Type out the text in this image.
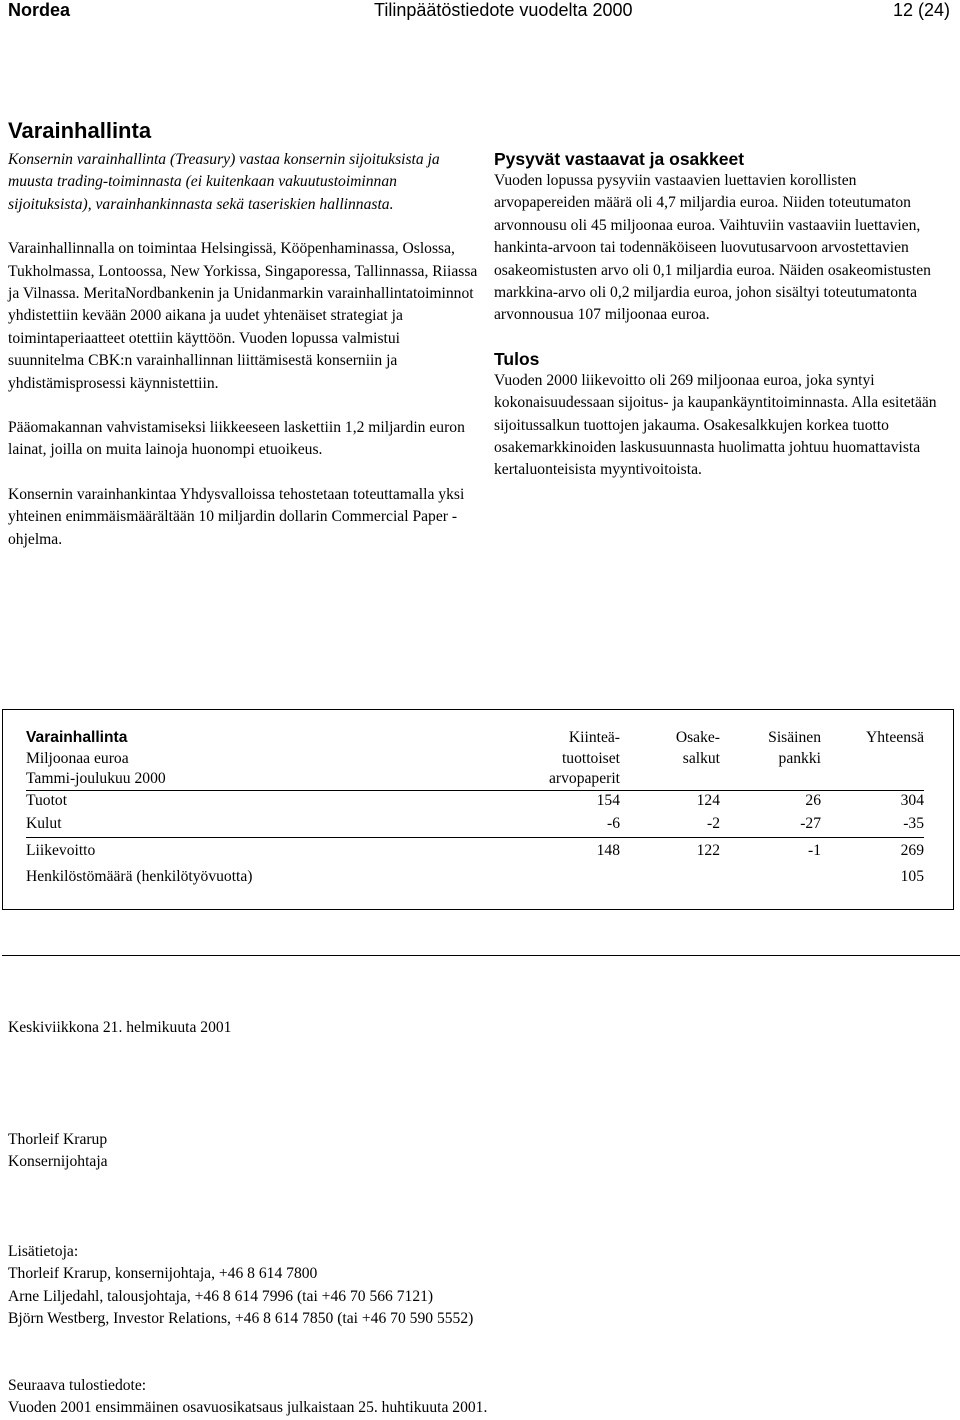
Nordea	Tilinpäätöstiedote vuodelta 2000	12 (24)
Varainhallinta

Konsernin varainhallinta (Treasury) vastaa konsernin sijoituksista ja muusta trading-toiminnasta (ei kuitenkaan vakuutustoiminnan sijoituksista), varainhankinnasta sekä taseriskien hallinnasta.

Varainhallinnalla on toimintaa Helsingissä, Kööpenhaminassa, Oslossa, Tukholmassa, Lontoossa, New Yorkissa, Singaporessa, Tallinnassa, Riiassa ja Vilnassa. MeritaNordbankenin ja Unidanmarkin varainhallintatoiminnot yhdistettiin kevään 2000 aikana ja uudet yhtenäiset strategiat ja toimintaperiaatteet otettiin käyttöön. Vuoden lopussa valmistui suunnitelma CBK:n varainhallinnan liittämisestä konserniin ja yhdistämisprosessi käynnistettiin.

Pääomakannan vahvistamiseksi liikkeeseen laskettiin 1,2 miljardin euron lainat, joilla on muita lainoja huonompi etuoikeus.

Konsernin varainhankintaa Yhdysvalloissa tehostetaan toteuttamalla yksi yhteinen enimmäismäärältään 10 miljardin dollarin Commercial Paper -ohjelma.

Pysyvät vastaavat ja osakkeet

Vuoden lopussa pysyviin vastaavien luettavien korollisten arvopapereiden määrä oli 4,7 miljardia euroa. Niiden toteutumaton arvonnousu oli 45 miljoonaa euroa. Vaihtuviin vastaaviin luettavien, hankinta-arvoon tai todennäköiseen luovutusarvoon arvostettavien osakeomistusten arvo oli 0,1 miljardia euroa. Näiden osakeomistusten markkina-arvo oli 0,2 miljardia euroa, johon sisältyi toteutumatonta arvonnousua 107 miljoonaa euroa.

Tulos

Vuoden 2000 liikevoitto oli 269 miljoonaa euroa, joka syntyi kokonaisuudessaan sijoitus- ja kaupankäyntitoiminnasta. Alla esitetään sijoitussalkun tuottojen jakauma. Osakesalkkujen korkea tuotto osakemarkkinoiden laskusuunnasta huolimatta johtuu huomattavista kertaluonteisista myyntivoitoista.

Varainhallinta	Kiinteä-	Osake-	Sisäinen	Yhteensä
Miljoonaa euroa	tuottoiset	salkut	pankki	
Tammi-joulukuu 2000	arvopaperit			
Tuotot	154	124	26	304
Kulut	-6	-2	-27	-35
Liikevoitto	148	122	-1	269
Henkilöstömäärä (henkilötyövuotta)				105

Keskiviikkona 21. helmikuuta 2001

Thorleif Krarup

Konsernijohtaja

Lisätietoja:

Thorleif Krarup, konsernijohtaja, +46 8 614 7800

Arne Liljedahl, talousjohtaja, +46 8 614 7996 (tai +46 70 566 7121)

Björn Westberg, Investor Relations, +46 8 614 7850 (tai +46 70 590 5552)

Seuraava tulostiedote:

Vuoden 2001 ensimmäinen osavuosikatsaus julkaistaan 25. huhtikuuta 2001.
